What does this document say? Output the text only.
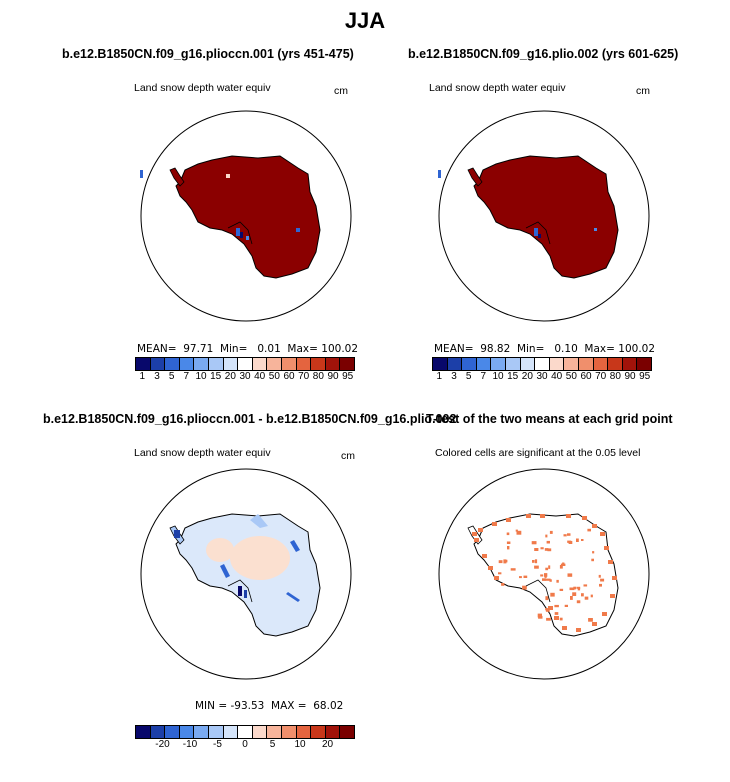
JJA
b.e12.B1850CN.f09_g16.plioccn.001 (yrs 451-475)
Land snow depth water equiv	cm
MEAN=  97.71  Min=   0.01  Max= 100.02
1 3 5 7 10 15 20 30 40 50 60 70 80 90 95
b.e12.B1850CN.f09_g16.plio.002 (yrs 601-625)
Land snow depth water equiv	cm
MEAN=  98.82  Min=   0.10  Max= 100.02
1 3 5 7 10 15 20 30 40 50 60 70 80 90 95
b.e12.B1850CN.f09_g16.plioccn.001 - b.e12.B1850CN.f09_g16.plio.002
Land snow depth water equiv	cm
MIN = -93.53  MAX =  68.02
-20 -10 -5 0 5 10 20
T-test of the two means at each grid point
Colored cells are significant at the 0.05 level
